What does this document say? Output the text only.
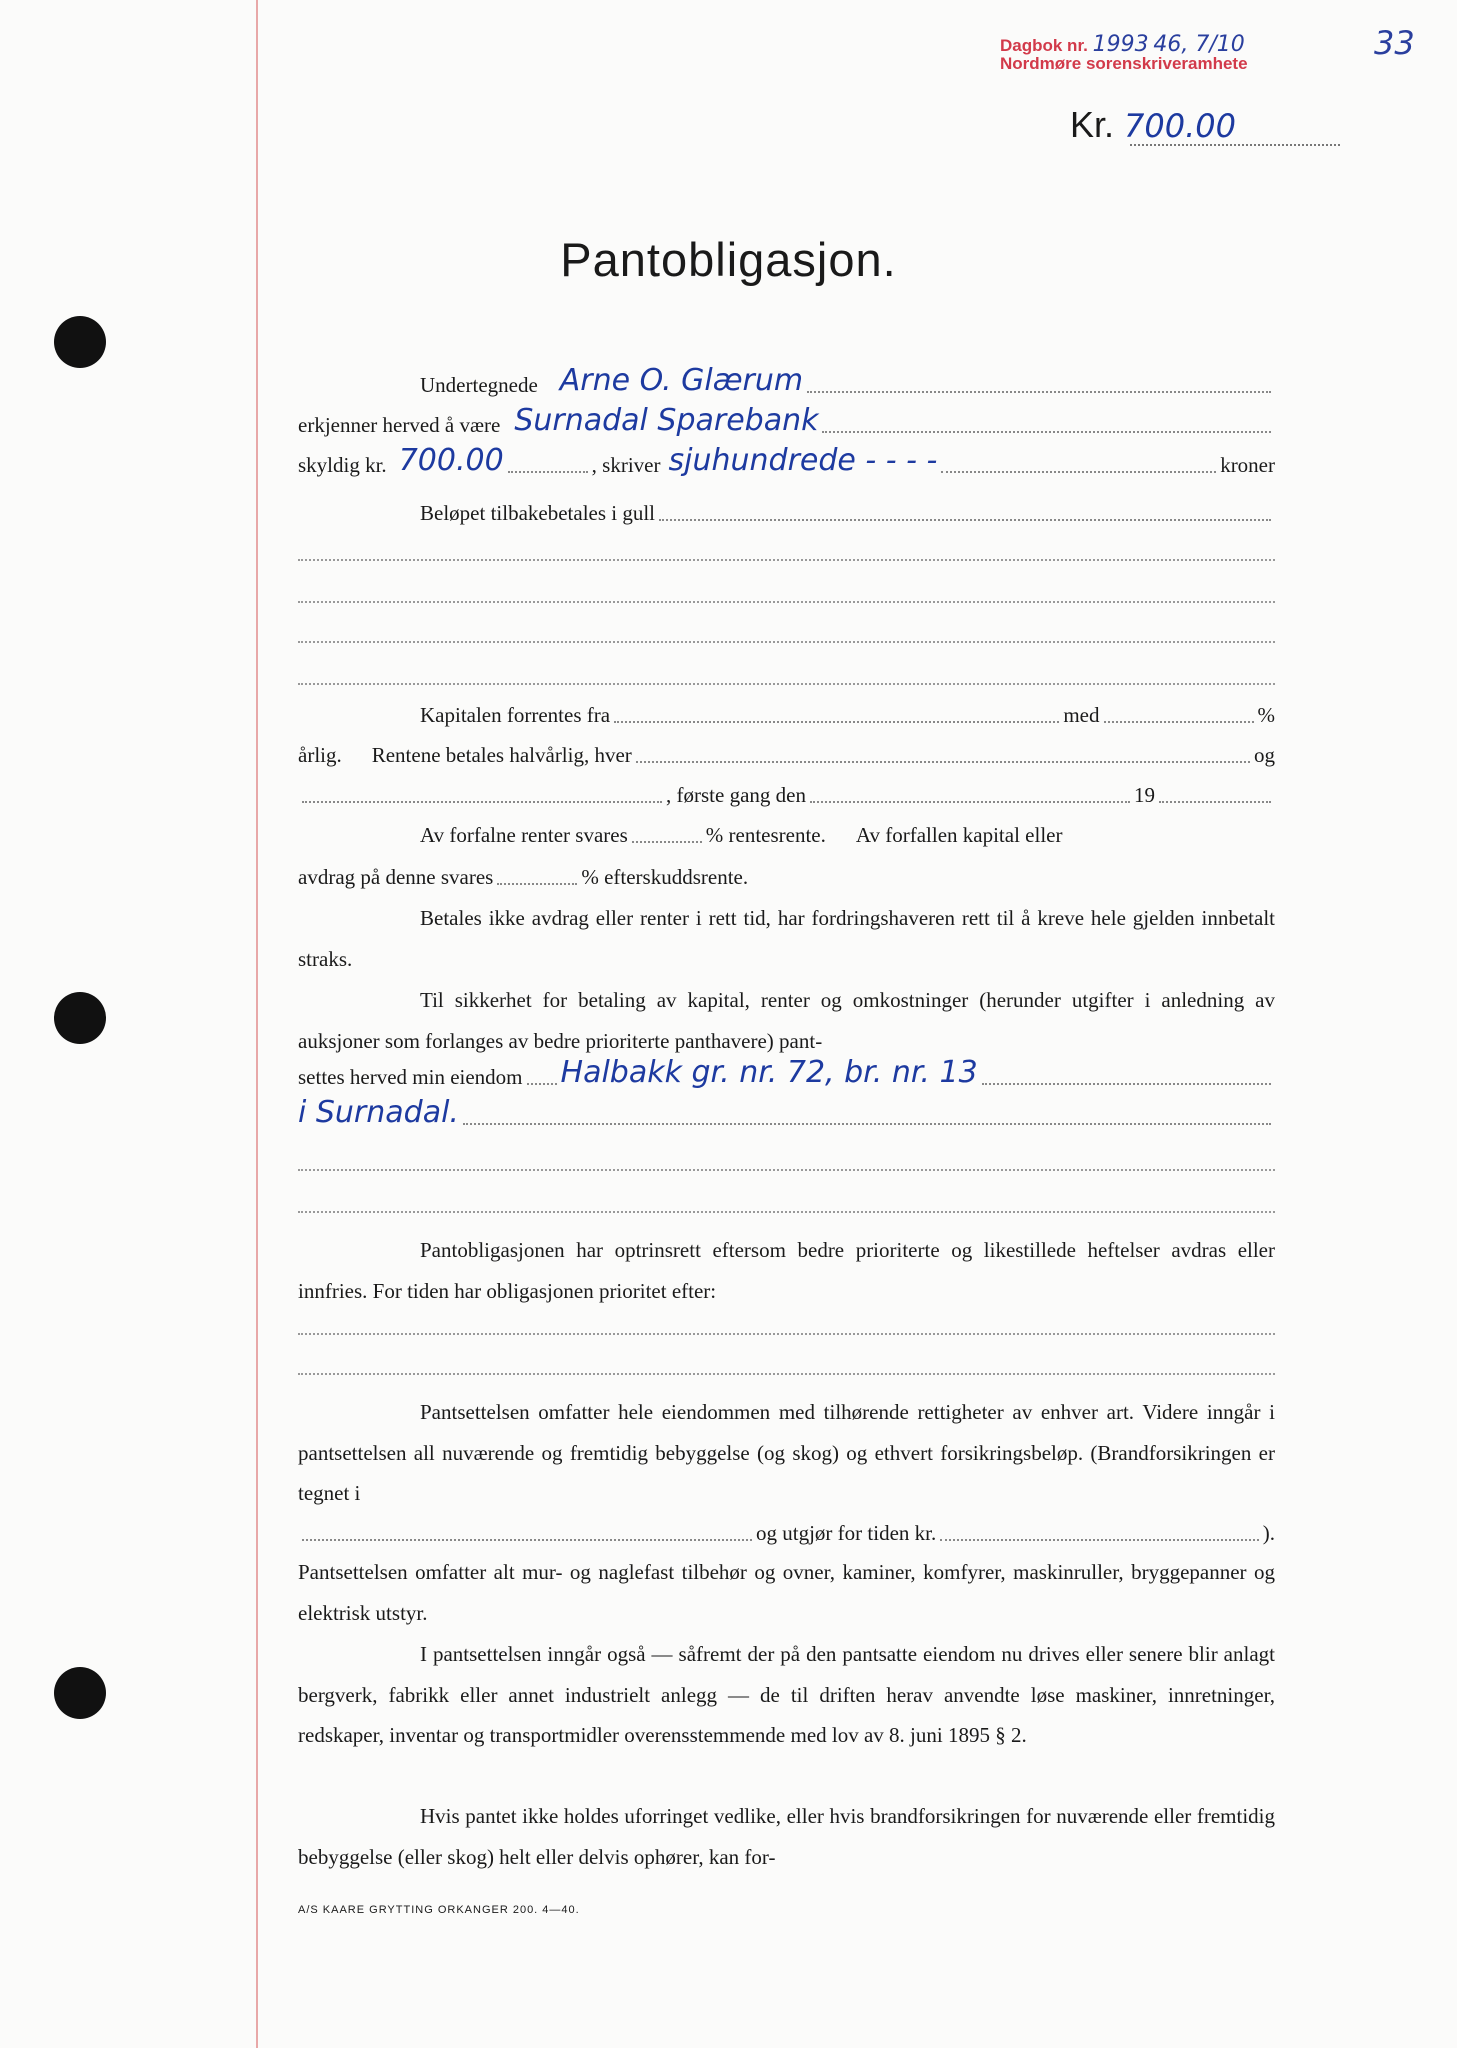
Dagbok nr. 1993 46, 7/10
Nordmøre sorenskriveramhete
33
Kr. 700.00
Pantobligasjon.
Undertegnede Arne O. Glærum
erkjenner herved å være Surnadal Sparebank
skyldig kr. 700.00	, skriver sjuhundrede - - - -	kroner
Beløpet tilbakebetales i gull
Kapitalen forrentes fra	med	%
årlig. Rentene betales halvårlig, hver	og
, første gang den	19
Av forfalne renter svares	% rentesrente. Av forfallen kapital eller
avdrag på denne svares	% efterskuddsrente.
Betales ikke avdrag eller renter i rett tid, har fordringshaveren rett til å kreve hele gjelden innbetalt straks.
Til sikkerhet for betaling av kapital, renter og omkostninger (herunder utgifter i anledning av auksjoner som forlanges av bedre prioriterte panthavere) pant-
settes herved min eiendom Halbakk gr. nr. 72, br. nr. 13
i Surnadal.
Pantobligasjonen har optrinsrett eftersom bedre prioriterte og likestillede heftelser avdras eller innfries. For tiden har obligasjonen prioritet efter:
Pantsettelsen omfatter hele eiendommen med tilhørende rettigheter av enhver art. Videre inngår i pantsettelsen all nuværende og fremtidig bebyggelse (og skog) og ethvert forsikringsbeløp. (Brandforsikringen er tegnet i
og utgjør for tiden kr.	).
Pantsettelsen omfatter alt mur- og naglefast tilbehør og ovner, kaminer, komfyrer, maskinruller, bryggepanner og elektrisk utstyr.
I pantsettelsen inngår også — såfremt der på den pantsatte eiendom nu drives eller senere blir anlagt bergverk, fabrikk eller annet industrielt anlegg — de til driften herav anvendte løse maskiner, innretninger, redskaper, inventar og transportmidler overensstemmende med lov av 8. juni 1895 § 2.
Hvis pantet ikke holdes uforringet vedlike, eller hvis brandforsikringen for nuværende eller fremtidig bebyggelse (eller skog) helt eller delvis ophører, kan for-
A/S KAARE GRYTTING ORKANGER 200. 4—40.
